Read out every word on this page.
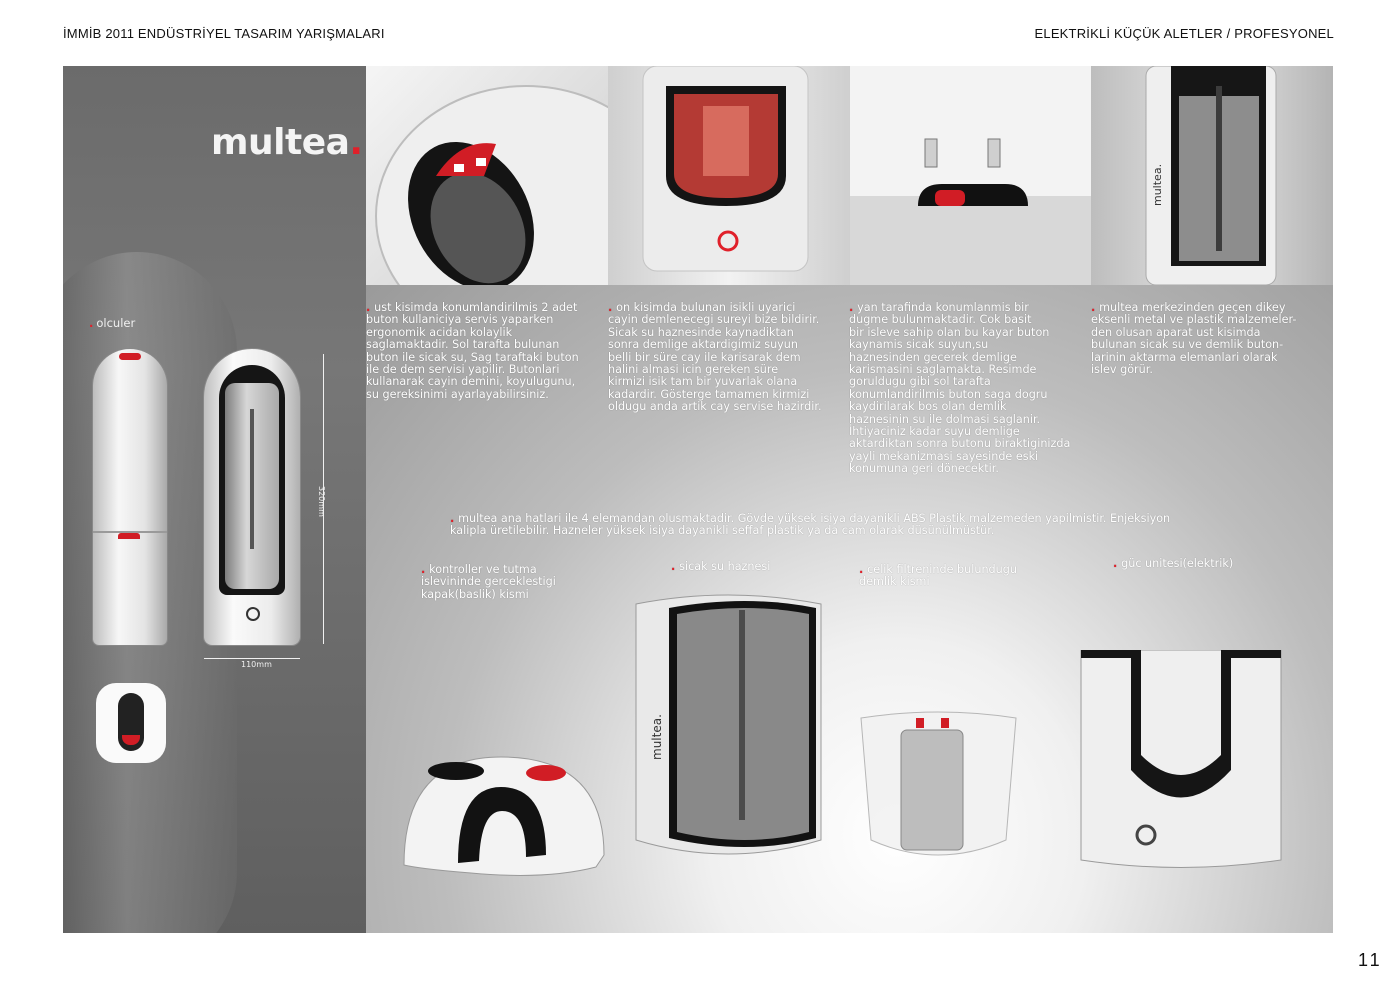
İMMİB 2011 ENDÜSTRİYEL TASARIM YARIŞMALARI	ELEKTRİKLİ KÜÇÜK ALETLER / PROFESYONEL
multea.
. olculer
320mm
110mm
multea.
. ust kisimda konumlandirilmis 2 adet
buton kullaniciya servis yaparken
ergonomik acidan kolaylik
saglamaktadir. Sol tarafta bulunan
buton ile sicak su, Sag taraftaki buton
ile de dem servisi yapilir. Butonlari
kullanarak cayin demini, koyulugunu,
su gereksinimi ayarlayabilirsiniz.
. on kisimda bulunan isikli uyarici
cayin demlenecegi sureyi bize bildirir.
Sicak su haznesinde kaynadiktan
sonra demlige aktardigimiz suyun
belli bir süre cay ile karisarak dem
halini almasi icin gereken süre
kirmizi isik tam bir yuvarlak olana
kadardir. Gösterge tamamen kirmizi
oldugu anda artik cay servise hazirdir.
. yan tarafinda konumlanmis bir
dugme bulunmaktadir. Cok basit
bir isleve sahip olan bu kayar buton
kaynamis sicak suyun,su
haznesinden gecerek demlige
karismasini saglamakta. Resimde
goruldugu gibi sol tarafta
konumlandirilmis buton saga dogru
kaydirilarak bos olan demlik
haznesinin su ile dolmasi saglanir.
İhtiyaciniz kadar suyu demlige
aktardiktan sonra butonu biraktiginizda
yayli mekanizmasi sayesinde eski
konumuna geri dönecektir.
. multea merkezinden geçen dikey
eksenli metal ve plastik malzemeler-
den olusan aparat ust kisimda
bulunan sicak su ve demlik buton-
larinin aktarma elemanlari olarak
islev görür.
. multea ana hatlari ile 4 elemandan olusmaktadir. Gövde yüksek isiya dayanikli ABS Plastik malzemeden yapilmistir. Enjeksiyon
kalipla üretilebilir. Hazneler yüksek isiya dayanikli seffaf plastik ya da cam olarak düsünülmüstür.
. kontroller ve tutma
islevininde gerceklestigi
kapak(baslik) kismi
. sicak su haznesi	. celik filtreninde bulundugu
demlik kismi
. güc unitesi(elektrik)
multea.
11
